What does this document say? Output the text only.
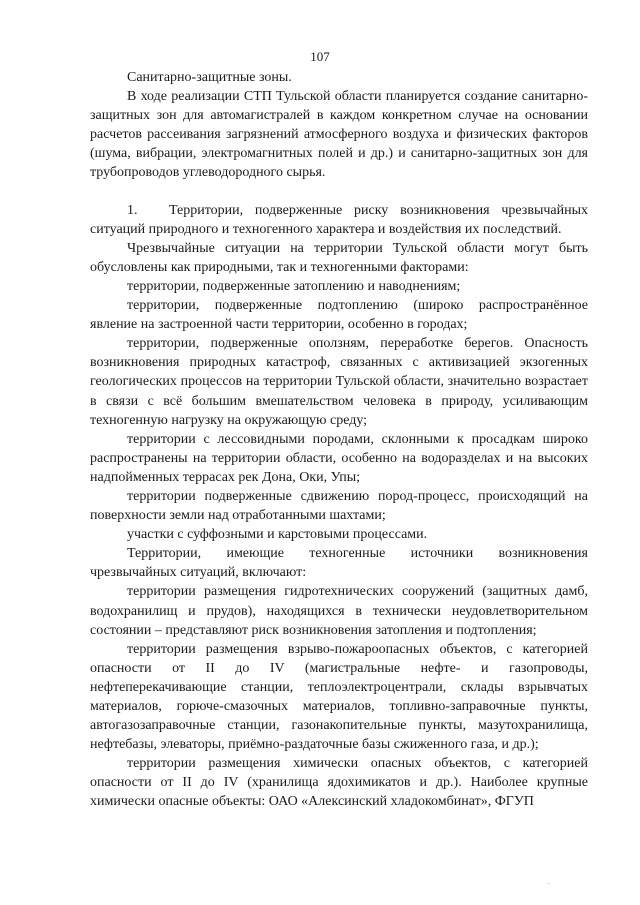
107

Санитарно-защитные зоны.

В ходе реализации СТП Тульской области планируется создание санитарно-защитных зон для автомагистралей в каждом конкретном случае на основании расчетов рассеивания загрязнений атмосферного воздуха и физических факторов (шума, вибрации, электромагнитных полей и др.) и санитарно-защитных зон для трубопроводов углеводородного сырья.

1. Территории, подверженные риску возникновения чрезвычайных ситуаций природного и техногенного характера и воздействия их последствий.

Чрезвычайные ситуации на территории Тульской области могут быть обусловлены как природными, так и техногенными факторами:

территории, подверженные затоплению и наводнениям;

территории, подверженные подтоплению (широко распространённое явление на застроенной части территории, особенно в городах;

территории, подверженные оползням, переработке берегов. Опасность возникновения природных катастроф, связанных с активизацией экзогенных геологических процессов на территории Тульской области, значительно возрастает в связи с всё большим вмешательством человека в природу, усиливающим техногенную нагрузку на окружающую среду;

территории с лессовидными породами, склонными к просадкам широко распространены на территории области, особенно на водоразделах и на высоких надпойменных террасах рек Дона, Оки, Упы;

территории подверженные сдвижению пород-процесс, происходящий на поверхности земли над отработанными шахтами;

участки с суффозными и карстовыми процессами.

Территории, имеющие техногенные источники возникновения чрезвычайных ситуаций, включают:

территории размещения гидротехнических сооружений (защитных дамб, водохранилищ и прудов), находящихся в технически неудовлетворительном состоянии – представляют риск возникновения затопления и подтопления;

территории размещения взрыво-пожароопасных объектов, с категорией опасности от II до IV (магистральные нефте- и газопроводы, нефтеперекачивающие станции, теплоэлектроцентрали, склады взрывчатых материалов, горюче-смазочных материалов, топливно-заправочные пункты, автогазозаправочные станции, газонакопительные пункты, мазутохранилища, нефтебазы, элеваторы, приёмно-раздаточные базы сжиженного газа, и др.);

территории размещения химически опасных объектов, с категорией опасности от II до IV (хранилища ядохимикатов и др.). Наиболее крупные химически опасные объекты: ОАО «Алексинский хладокомбинат», ФГУП

.
